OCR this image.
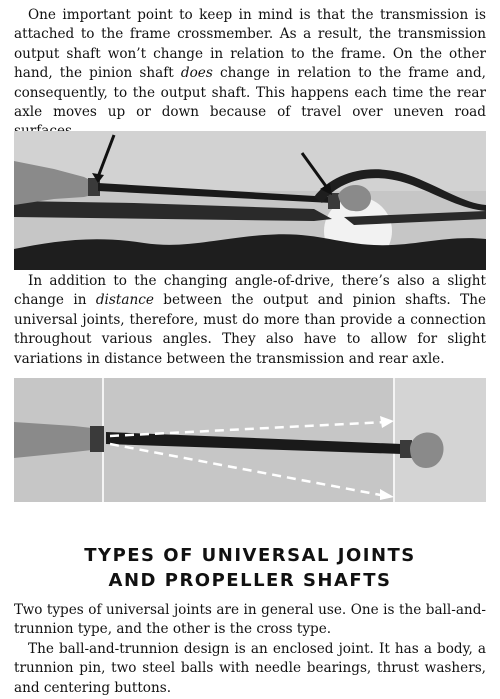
One important point to keep in mind is that the transmission is attached to the frame crossmember. As a result, the transmission output shaft won’t change in relation to the frame. On the other hand, the pinion shaft does change in relation to the frame and, consequently, to the output shaft. This happens each time the rear axle moves up or down because of travel over uneven road

In addition to the changing angle-of-drive, there’s also a slight change in distance between the output and pinion shafts. The universal joints, therefore, must do more than provide a connection throughout various angles. They also have to allow for slight variations in distance between the transmission and rear axle.

TYPES OF UNIVERSAL JOINTS

AND PROPELLER SHAFTS

Two types of universal joints are in general use. One is the ball-and-trunnion type, and the other is the cross type.

The ball-and-trunnion design is an enclosed joint. It has a body, a trunnion pin, two steel balls with needle bearings, thrust washers, and centering buttons.
